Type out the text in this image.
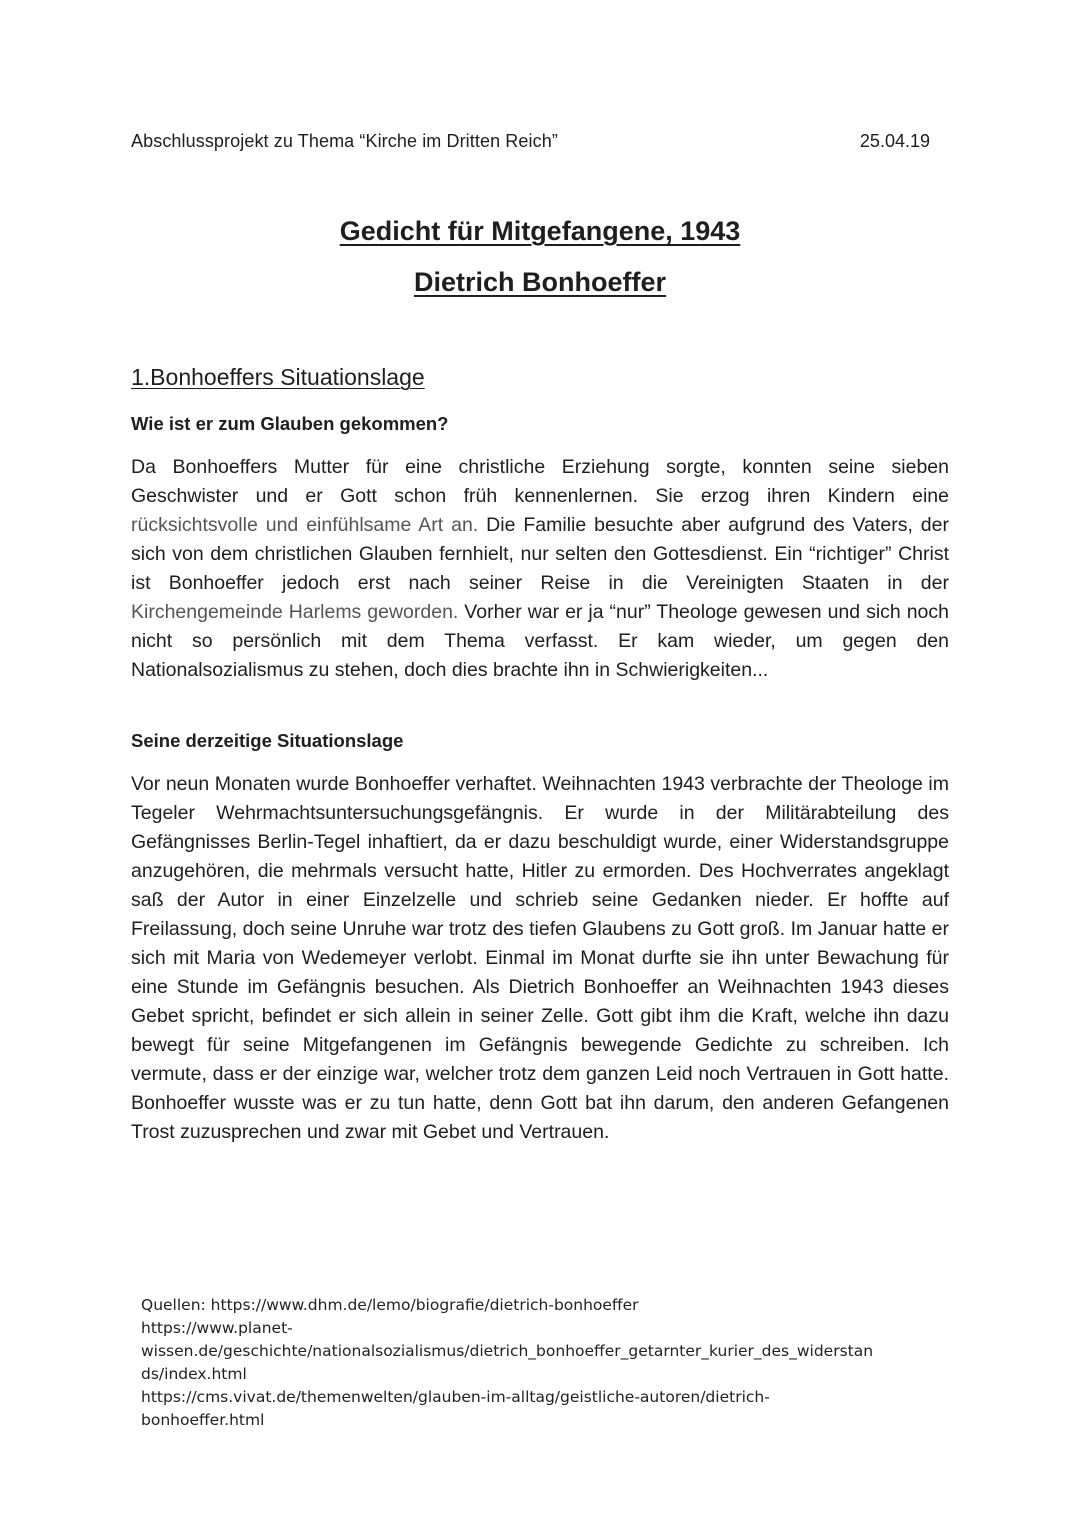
Abschlussprojekt zu Thema “Kirche im Dritten Reich”	25.04.19
Gedicht für Mitgefangene, 1943
Dietrich Bonhoeffer
1.Bonhoeffers Situationslage
Wie ist er zum Glauben gekommen?

Da Bonhoeffers Mutter für eine christliche Erziehung sorgte, konnten seine sieben Geschwister und er Gott schon früh kennenlernen. Sie erzog ihren Kindern eine rücksichtsvolle und einfühlsame Art an. Die Familie besuchte aber aufgrund des Vaters, der sich von dem christlichen Glauben fernhielt, nur selten den Gottesdienst. Ein “richtiger” Christ ist Bonhoeffer jedoch erst nach seiner Reise in die Vereinigten Staaten in der Kirchengemeinde Harlems geworden. Vorher war er ja “nur” Theologe gewesen und sich noch nicht so persönlich mit dem Thema verfasst. Er kam wieder, um gegen den Nationalsozialismus zu stehen, doch dies brachte ihn in Schwierigkeiten...

Seine derzeitige Situationslage

Vor neun Monaten wurde Bonhoeffer verhaftet. Weihnachten 1943 verbrachte der Theologe im Tegeler Wehrmachtsuntersuchungsgefängnis. Er wurde in der Militärabteilung des Gefängnisses Berlin-Tegel inhaftiert, da er dazu beschuldigt wurde, einer Widerstandsgruppe anzugehören, die mehrmals versucht hatte, Hitler zu ermorden. Des Hochverrates angeklagt saß der Autor in einer Einzelzelle und schrieb seine Gedanken nieder. Er hoffte auf Freilassung, doch seine Unruhe war trotz des tiefen Glaubens zu Gott groß. Im Januar hatte er sich mit Maria von Wedemeyer verlobt. Einmal im Monat durfte sie ihn unter Bewachung für eine Stunde im Gefängnis besuchen. Als Dietrich Bonhoeffer an Weihnachten 1943 dieses Gebet spricht, befindet er sich allein in seiner Zelle. Gott gibt ihm die Kraft, welche ihn dazu bewegt für seine Mitgefangenen im Gefängnis bewegende Gedichte zu schreiben. Ich vermute, dass er der einzige war, welcher trotz dem ganzen Leid noch Vertrauen in Gott hatte. Bonhoeffer wusste was er zu tun hatte, denn Gott bat ihn darum, den anderen Gefangenen Trost zuzusprechen und zwar mit Gebet und Vertrauen.

Quellen: https://www.dhm.de/lemo/biografie/dietrich-bonhoeffer
https://www.planet-
wissen.de/geschichte/nationalsozialismus/dietrich_bonhoeffer_getarnter_kurier_des_widerstan
ds/index.html
https://cms.vivat.de/themenwelten/glauben-im-alltag/geistliche-autoren/dietrich-
bonhoeffer.html
